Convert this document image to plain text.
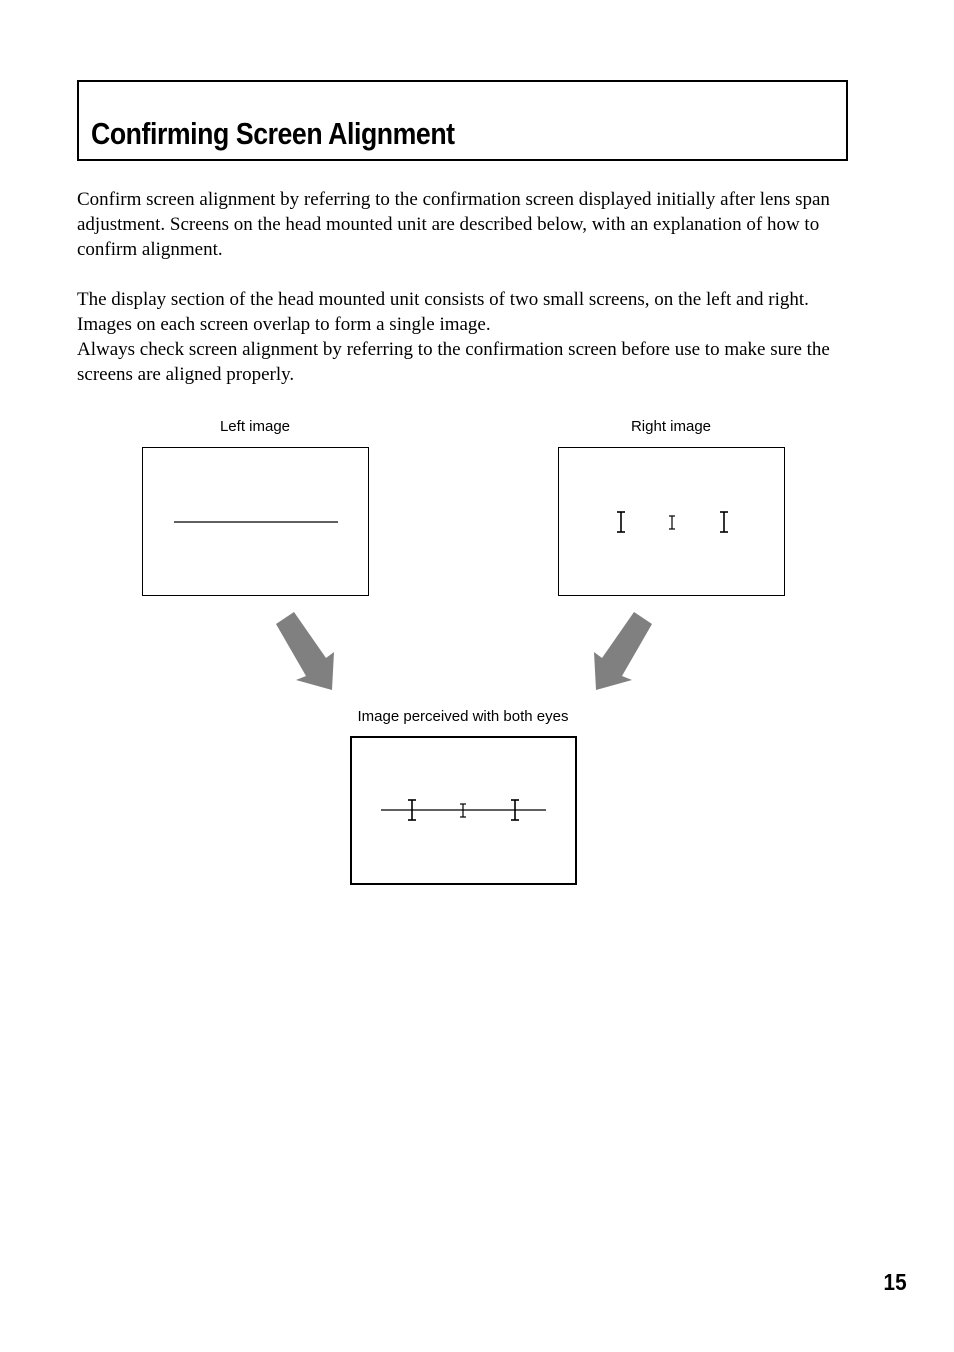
Confirming Screen Alignment

Confirm screen alignment by referring to the confirmation screen displayed initially after lens span adjustment. Screens on the head mounted unit are described below, with an explanation of how to confirm alignment.

The display section of the head mounted unit consists of two small screens, on the left and right. Images on each screen overlap to form a single image.
Always check screen alignment by referring to the confirmation screen before use to make sure the screens are aligned properly.
Left image	Right image
Image perceived with both eyes

15
